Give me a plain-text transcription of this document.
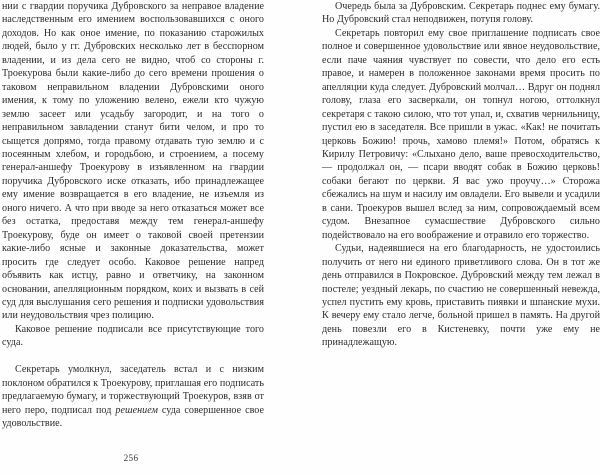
нии с гвардии поручика Дубровского за неправое владение наследственным его имением воспользовавшихся с оного доходов. Но как оное имение, по показанию старожилых людей, было у гг. Дубровских несколько лет в бесспорном владении, и из дела сего не видно, чтоб со стороны г. Троекурова были какие-либо до сего времени прошения о таковом неправильном владении Дубровскими оного имения, к тому по уложению велено, ежели кто чужую землю засеет или усадьбу загородит, и на того о неправильном завладении станут бити челом, и про то сыщется допрямо, тогда правому отдавать тую землю и с посеянным хлебом, и городьбою, и строением, а посему генерал-аншефу Троекурову в изъявленном на гвардии поручика Дубровского иске отказать, ибо принадлежащее ему имение возвращается в его владение, не изъемля из оного ничего. А что при вводе за него отказаться может все без остатка, предоставя между тем генерал-аншефу Троекурову, буде он имеет о таковой своей претензии какие-либо ясные и законные доказательства, может просить где следует особо. Каковое решение напред объявить как истцу, равно и ответчику, на законном основании, апелляционным порядком, коих и вызвать в сей суд для выслушания сего решения и подписки удовольствия или неудовольствия чрез полицию.

Каковое решение подписали все присутствующие того суда.

Секретарь умолкнул, заседатель встал и с низким поклоном обратился к Троекурову, приглашая его подписать предлагаемую бумагу, и торжествующий Троекуров, взяв от него перо, подписал под решением суда совершенное свое удовольствие.

Очередь была за Дубровским. Секретарь поднес ему бумагу. Но Дубровский стал неподвижен, потупя голову.

Секретарь повторил ему свое приглашение подписать свое полное и совершенное удовольствие или явное неудовольствие, если паче чаяния чувствует по совести, что дело его есть правое, и намерен в положенное законами время просить по апелляции куда следует. Дубровский молчал… Вдруг он поднял голову, глаза его засверкали, он топнул ногою, оттолкнул секретаря с такою силою, что тот упал, и, схватив чернильницу, пустил ею в заседателя. Все пришли в ужас. «Как! не почитать церковь Божию! прочь, хамово племя!» Потом, обратясь к Кирилу Петровичу: «Слыхано дело, ваше превосходительство, — продолжал он, — псари вводят собак в Божию церковь! собаки бегают по церкви. Я вас ужо проучу…» Сторожа сбежались на шум и насилу им овладели. Его вывели и усадили в сани. Троекуров вышел вслед за ним, сопровождаемый всем судом. Внезапное сумасшествие Дубровского сильно подействовало на его воображение и отравило его торжество.

Судьи, надеявшиеся на его благодарность, не удостоились получить от него ни единого приветливого слова. Он в тот же день отправился в Покровское. Дубровский между тем лежал в постеле; уездный лекарь, по счастию не совершенный невежда, успел пустить ему кровь, приставить пиявки и шпанские мухи. К вечеру ему стало легче, больной пришел в память. На другой день повезли его в Кистеневку, почти уже ему не принадлежащую.

256
